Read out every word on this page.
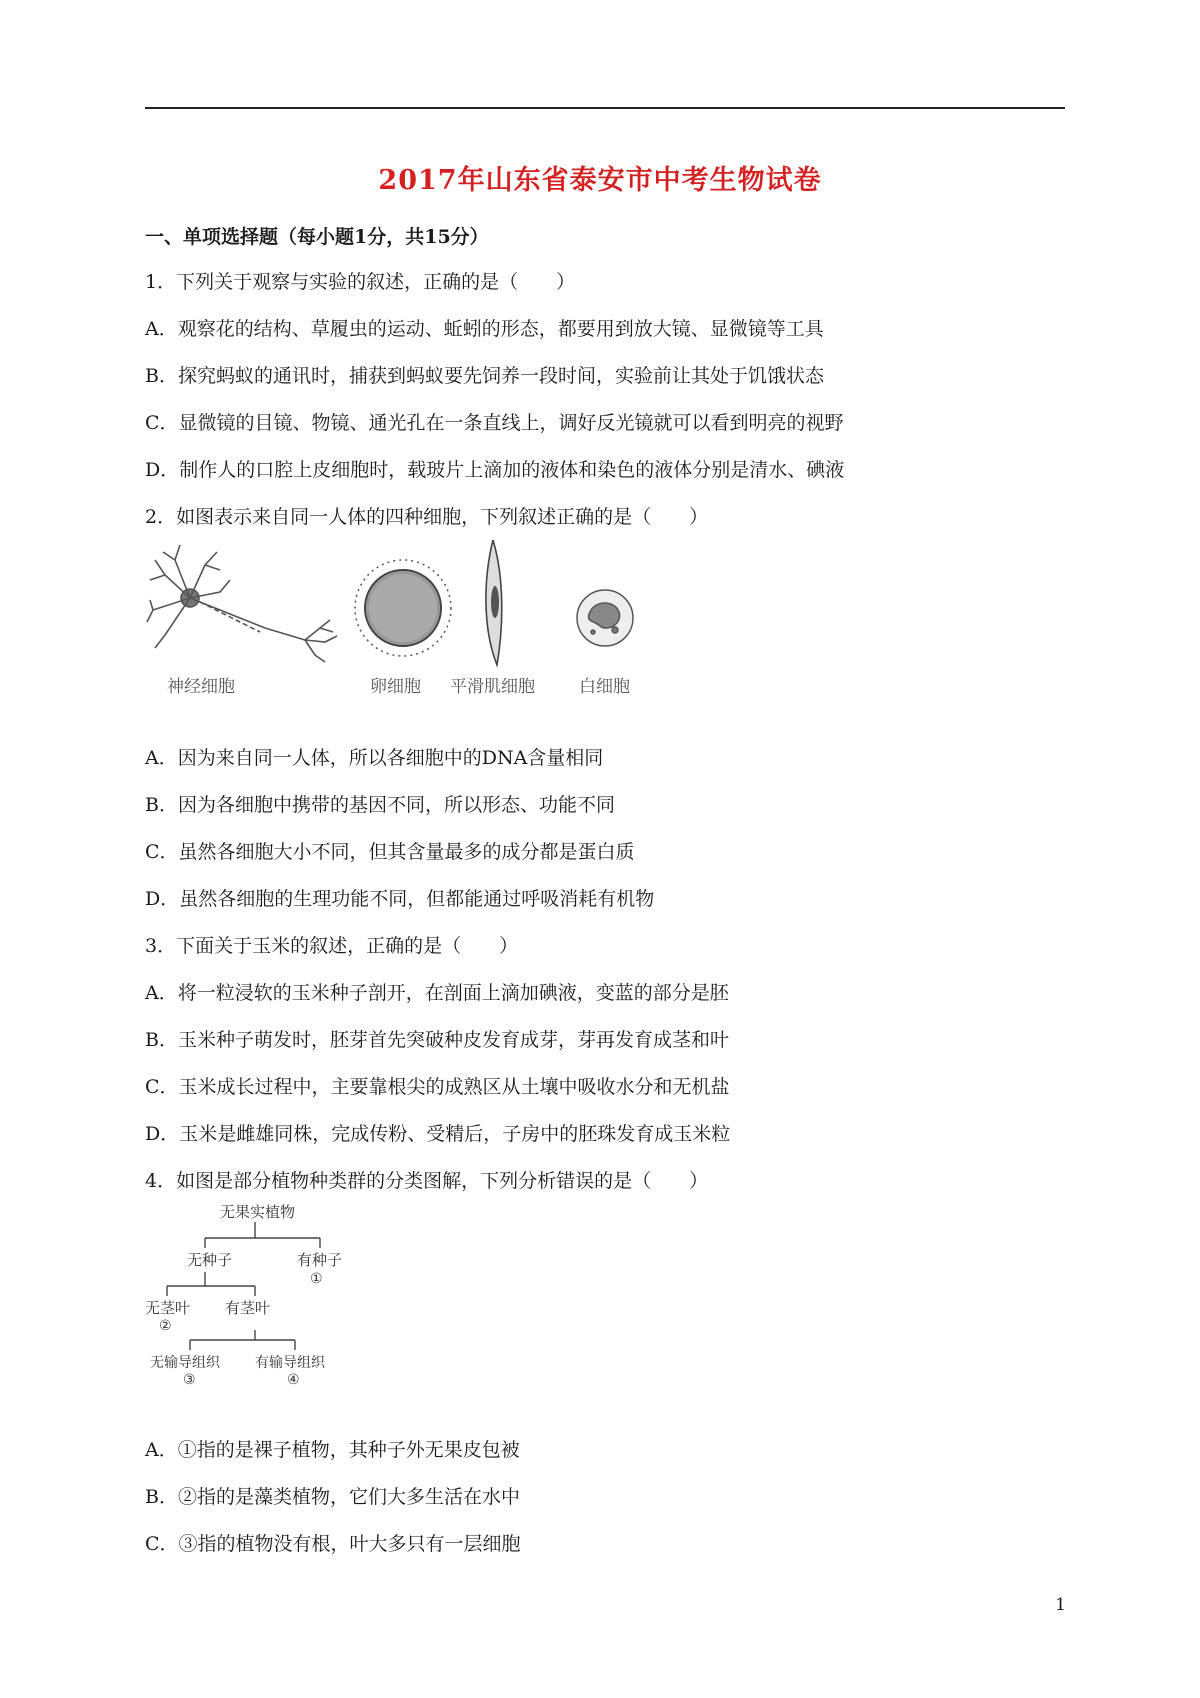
2017年山东省泰安市中考生物试卷
一、单项选择题（每小题1分，共15分）
1．下列关于观察与实验的叙述，正确的是（　　）
A．观察花的结构、草履虫的运动、蚯蚓的形态，都要用到放大镜、显微镜等工具
B．探究蚂蚁的通讯时，捕获到蚂蚁要先饲养一段时间，实验前让其处于饥饿状态
C．显微镜的目镜、物镜、通光孔在一条直线上，调好反光镜就可以看到明亮的视野
D．制作人的口腔上皮细胞时，载玻片上滴加的液体和染色的液体分别是清水、碘液
2．如图表示来自同一人体的四种细胞，下列叙述正确的是（　　）
神经细胞	卵细胞 平滑肌细胞	白细胞
A．因为来自同一人体，所以各细胞中的DNA含量相同
B．因为各细胞中携带的基因不同，所以形态、功能不同
C．虽然各细胞大小不同，但其含量最多的成分都是蛋白质
D．虽然各细胞的生理功能不同，但都能通过呼吸消耗有机物
3．下面关于玉米的叙述，正确的是（　　）
A．将一粒浸软的玉米种子剖开，在剖面上滴加碘液，变蓝的部分是胚
B．玉米种子萌发时，胚芽首先突破种皮发育成芽，芽再发育成茎和叶
C．玉米成长过程中，主要靠根尖的成熟区从土壤中吸收水分和无机盐
D．玉米是雌雄同株，完成传粉、受精后，子房中的胚珠发育成玉米粒
4．如图是部分植物种类群的分类图解，下列分析错误的是（　　）
无果实植物
无种子	有种子
①
无茎叶
②
有茎叶
无输导组织
③
有输导组织
④
A．①指的是裸子植物，其种子外无果皮包被
B．②指的是藻类植物，它们大多生活在水中
C．③指的植物没有根，叶大多只有一层细胞
1
